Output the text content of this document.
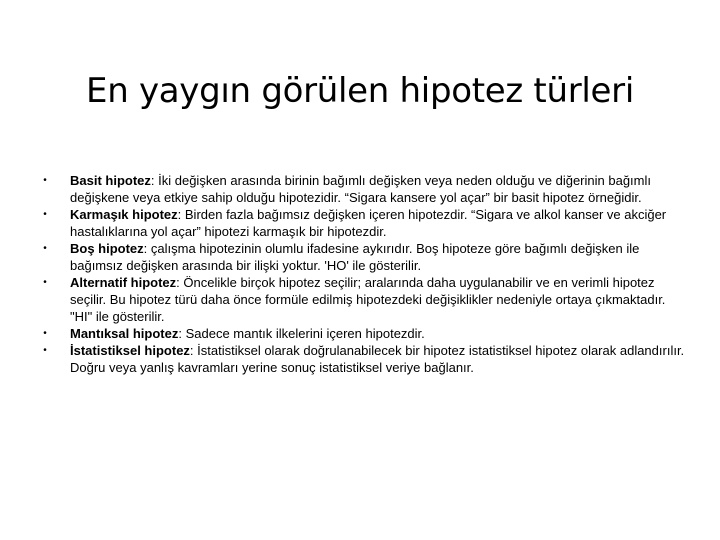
En yaygın görülen hipotez türleri
• Basit hipotez: İki değişken arasında birinin bağımlı değişken veya neden olduğu ve diğerinin bağımlı değişkene veya etkiye sahip olduğu hipotezidir. “Sigara kansere yol açar” bir basit hipotez örneğidir.
• Karmaşık hipotez: Birden fazla bağımsız değişken içeren hipotezdir. “Sigara ve alkol kanser ve akciğer hastalıklarına yol açar” hipotezi karmaşık bir hipotezdir.
• Boş hipotez: çalışma hipotezinin olumlu ifadesine aykırıdır. Boş hipoteze göre bağımlı değişken ile bağımsız değişken arasında bir ilişki yoktur. 'HO' ile gösterilir.
• Alternatif hipotez: Öncelikle birçok hipotez seçilir; aralarında daha uygulanabilir ve en verimli hipotez seçilir. Bu hipotez türü daha önce formüle edilmiş hipotezdeki değişiklikler nedeniyle ortaya çıkmaktadır. "HI" ile gösterilir.
• Mantıksal hipotez: Sadece mantık ilkelerini içeren hipotezdir.
• İstatistiksel hipotez: İstatistiksel olarak doğrulanabilecek bir hipotez istatistiksel hipotez olarak adlandırılır. Doğru veya yanlış kavramları yerine sonuç istatistiksel veriye bağlanır.
